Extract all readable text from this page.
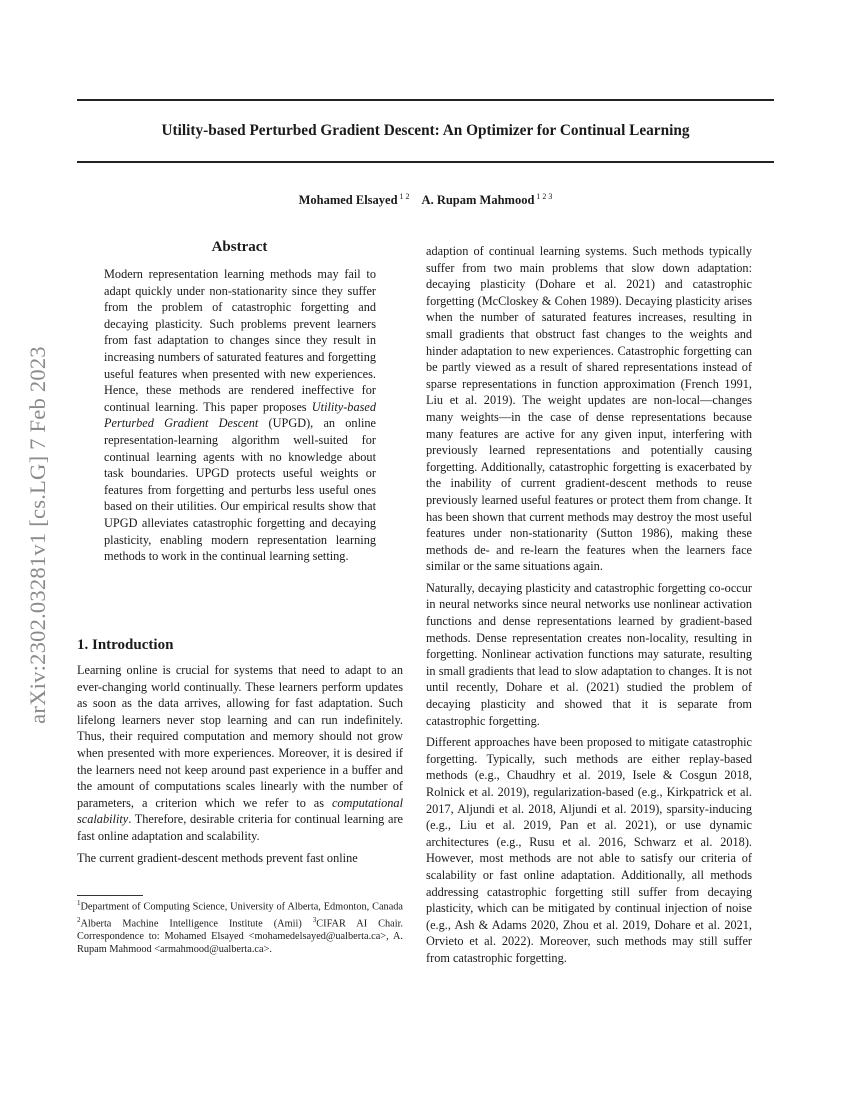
Utility-based Perturbed Gradient Descent: An Optimizer for Continual Learning
Mohamed Elsayed $^{1 2}$ A. Rupam Mahmood $^{1 2 3}$
arXiv:2302.03281v1 [cs.LG] 7 Feb 2023
Abstract

Modern representation learning methods may fail to adapt quickly under non-stationarity since they suffer from the problem of catastrophic forgetting and decaying plasticity. Such problems prevent learners from fast adaptation to changes since they result in increasing numbers of saturated features and forgetting useful features when presented with new experiences. Hence, these methods are rendered ineffective for continual learning. This paper proposes Utility-based Perturbed Gradient Descent (UPGD), an online representation-learning algorithm well-suited for continual learning agents with no knowledge about task boundaries. UPGD protects useful weights or features from forgetting and perturbs less useful ones based on their utilities. Our empirical results show that UPGD alleviates catastrophic forgetting and decaying plasticity, enabling modern representation learning methods to work in the continual learning setting.

1. Introduction

Learning online is crucial for systems that need to adapt to an ever-changing world continually. These learners perform updates as soon as the data arrives, allowing for fast adaptation. Such lifelong learners never stop learning and can run indefinitely. Thus, their required computation and memory should not grow when presented with more experiences. Moreover, it is desired if the learners need not keep around past experience in a buffer and the amount of computations scales linearly with the number of parameters, a criterion which we refer to as computational scalability. Therefore, desirable criteria for continual learning are fast online adaptation and scalability.

The current gradient-descent methods prevent fast online

$^1$Department of Computing Science, University of Alberta, Edmonton, Canada $^2$Alberta Machine Intelligence Institute (Amii) $^3$CIFAR AI Chair. Correspondence to: Mohamed Elsayed <mohamedelsayed@ualberta.ca>, A. Rupam Mahmood <armahmood@ualberta.ca>.

adaption of continual learning systems. Such methods typically suffer from two main problems that slow down adaptation: decaying plasticity (Dohare et al. 2021) and catastrophic forgetting (McCloskey & Cohen 1989). Decaying plasticity arises when the number of saturated features increases, resulting in small gradients that obstruct fast changes to the weights and hinder adaptation to new experiences. Catastrophic forgetting can be partly viewed as a result of shared representations instead of sparse representations in function approximation (French 1991, Liu et al. 2019). The weight updates are non-local—changes many weights—in the case of dense representations because many features are active for any given input, interfering with previously learned representations and potentially causing forgetting. Additionally, catastrophic forgetting is exacerbated by the inability of current gradient-descent methods to reuse previously learned useful features or protect them from change. It has been shown that current methods may destroy the most useful features under non-stationarity (Sutton 1986), making these methods de- and re-learn the features when the learners face similar or the same situations again.

Naturally, decaying plasticity and catastrophic forgetting co-occur in neural networks since neural networks use nonlinear activation functions and dense representations learned by gradient-based methods. Dense representation creates non-locality, resulting in forgetting. Nonlinear activation functions may saturate, resulting in small gradients that lead to slow adaptation to changes. It is not until recently, Dohare et al. (2021) studied the problem of decaying plasticity and showed that it is separate from catastrophic forgetting.

Different approaches have been proposed to mitigate catastrophic forgetting. Typically, such methods are either replay-based methods (e.g., Chaudhry et al. 2019, Isele & Cosgun 2018, Rolnick et al. 2019), regularization-based (e.g., Kirkpatrick et al. 2017, Aljundi et al. 2018, Aljundi et al. 2019), sparsity-inducing (e.g., Liu et al. 2019, Pan et al. 2021), or use dynamic architectures (e.g., Rusu et al. 2016, Schwarz et al. 2018). However, most methods are not able to satisfy our criteria of scalability or fast online adaptation. Additionally, all methods addressing catastrophic forgetting still suffer from decaying plasticity, which can be mitigated by continual injection of noise (e.g., Ash & Adams 2020, Zhou et al. 2019, Dohare et al. 2021, Orvieto et al. 2022). Moreover, such methods may still suffer from catastrophic forgetting.
